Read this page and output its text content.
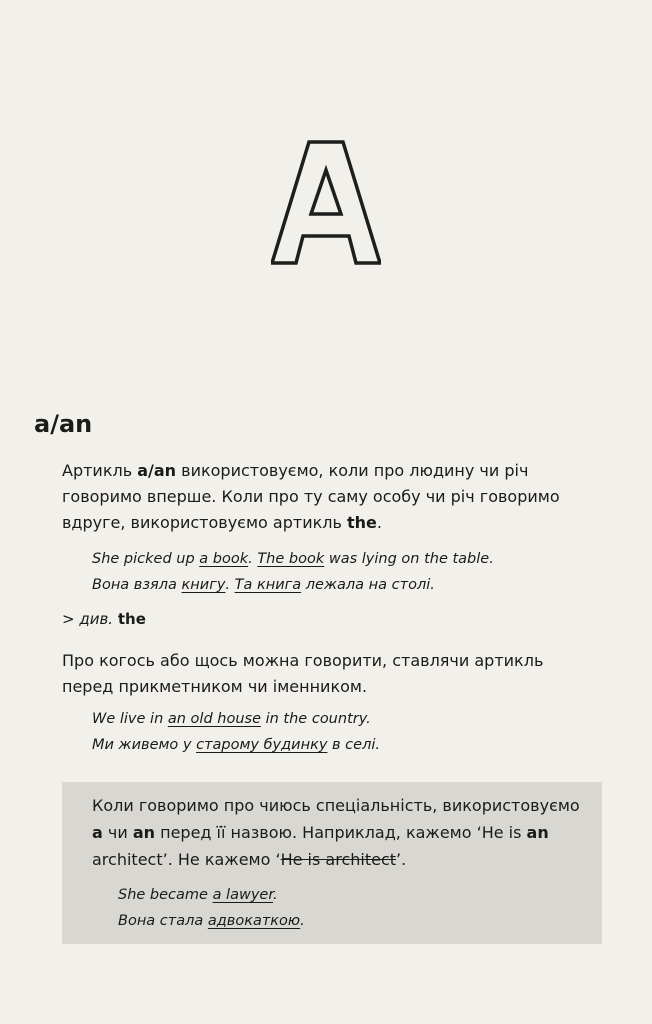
a/an

Артикль a/an використовуємо, коли про людину чи річ говоримо вперше. Коли про ту саму особу чи річ говоримо вдруге, використовуємо артикль the.

She picked up a book. The book was lying on the table.

Вона взяла книгу. Та книга лежала на столі.

> див. the

Про когось або щось можна говорити, ставлячи артикль перед прикметником чи іменником.

We live in an old house in the country.

Ми живемо у старому будинку в селі.

Коли говоримо про чиюсь спеціальність, використовуємо a чи an перед її назвою. Наприклад, кажемо ‘He is an architect’. Не кажемо ‘He is architect’.

She became a lawyer.

Вона стала адвокаткою.
